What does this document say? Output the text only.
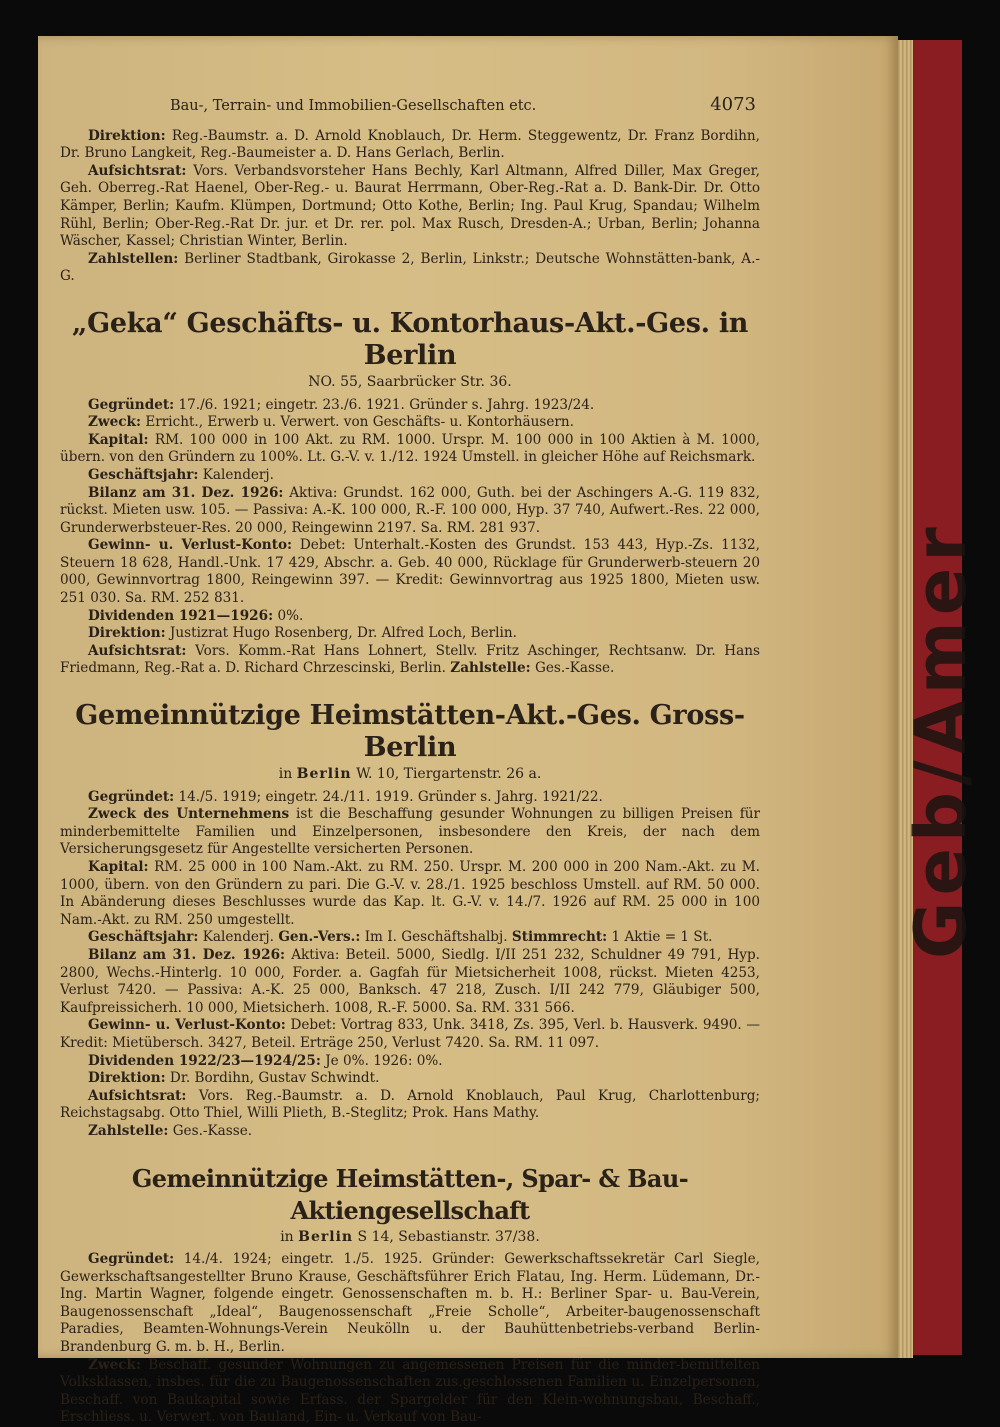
Geb/Amer
Bau-, Terrain- und Immobilien-Gesellschaften etc.	4073

Direktion: Reg.-Baumstr. a. D. Arnold Knoblauch, Dr. Herm. Steggewentz, Dr. Franz Bordihn, Dr. Bruno Langkeit, Reg.-Baumeister a. D. Hans Gerlach, Berlin.

Aufsichtsrat: Vors. Verbandsvorsteher Hans Bechly, Karl Altmann, Alfred Diller, Max Greger, Geh. Oberreg.-Rat Haenel, Ober-Reg.- u. Baurat Herrmann, Ober-Reg.-Rat a. D. Bank-Dir. Dr. Otto Kämper, Berlin; Kaufm. Klümpen, Dortmund; Otto Kothe, Berlin; Ing. Paul Krug, Spandau; Wilhelm Rühl, Berlin; Ober-Reg.-Rat Dr. jur. et Dr. rer. pol. Max Rusch, Dresden-A.; Urban, Berlin; Johanna Wäscher, Kassel; Christian Winter, Berlin.

Zahlstellen: Berliner Stadtbank, Girokasse 2, Berlin, Linkstr.; Deutsche Wohnstätten-bank, A.-G.

„Geka“ Geschäfts- u. Kontorhaus-Akt.-Ges. in Berlin
NO. 55, Saarbrücker Str. 36.

Gegründet: 17./6. 1921; eingetr. 23./6. 1921. Gründer s. Jahrg. 1923/24.

Zweck: Erricht., Erwerb u. Verwert. von Geschäfts- u. Kontorhäusern.

Kapital: RM. 100 000 in 100 Akt. zu RM. 1000. Urspr. M. 100 000 in 100 Aktien à M. 1000, übern. von den Gründern zu 100%. Lt. G.-V. v. 1./12. 1924 Umstell. in gleicher Höhe auf Reichsmark.

Geschäftsjahr: Kalenderj.

Bilanz am 31. Dez. 1926: Aktiva: Grundst. 162 000, Guth. bei der Aschingers A.-G. 119 832, rückst. Mieten usw. 105. — Passiva: A.-K. 100 000, R.-F. 100 000, Hyp. 37 740, Aufwert.-Res. 22 000, Grunderwerbsteuer-Res. 20 000, Reingewinn 2197. Sa. RM. 281 937.

Gewinn- u. Verlust-Konto: Debet: Unterhalt.-Kosten des Grundst. 153 443, Hyp.-Zs. 1132, Steuern 18 628, Handl.-Unk. 17 429, Abschr. a. Geb. 40 000, Rücklage für Grunderwerb-steuern 20 000, Gewinnvortrag 1800, Reingewinn 397. — Kredit: Gewinnvortrag aus 1925 1800, Mieten usw. 251 030. Sa. RM. 252 831.

Dividenden 1921—1926: 0%.

Direktion: Justizrat Hugo Rosenberg, Dr. Alfred Loch, Berlin.

Aufsichtsrat: Vors. Komm.-Rat Hans Lohnert, Stellv. Fritz Aschinger, Rechtsanw. Dr. Hans Friedmann, Reg.-Rat a. D. Richard Chrzescinski, Berlin. Zahlstelle: Ges.-Kasse.

Gemeinnützige Heimstätten-Akt.-Ges. Gross-Berlin
in Berlin W. 10, Tiergartenstr. 26 a.

Gegründet: 14./5. 1919; eingetr. 24./11. 1919. Gründer s. Jahrg. 1921/22.

Zweck des Unternehmens ist die Beschaffung gesunder Wohnungen zu billigen Preisen für minderbemittelte Familien und Einzelpersonen, insbesondere den Kreis, der nach dem Versicherungsgesetz für Angestellte versicherten Personen.

Kapital: RM. 25 000 in 100 Nam.-Akt. zu RM. 250. Urspr. M. 200 000 in 200 Nam.-Akt. zu M. 1000, übern. von den Gründern zu pari. Die G.-V. v. 28./1. 1925 beschloss Umstell. auf RM. 50 000. In Abänderung dieses Beschlusses wurde das Kap. lt. G.-V. v. 14./7. 1926 auf RM. 25 000 in 100 Nam.-Akt. zu RM. 250 umgestellt.

Geschäftsjahr: Kalenderj. Gen.-Vers.: Im I. Geschäftshalbj. Stimmrecht: 1 Aktie = 1 St.

Bilanz am 31. Dez. 1926: Aktiva: Beteil. 5000, Siedlg. I/II 251 232, Schuldner 49 791, Hyp. 2800, Wechs.-Hinterlg. 10 000, Forder. a. Gagfah für Mietsicherheit 1008, rückst. Mieten 4253, Verlust 7420. — Passiva: A.-K. 25 000, Banksch. 47 218, Zusch. I/II 242 779, Gläubiger 500, Kaufpreissicherh. 10 000, Mietsicherh. 1008, R.-F. 5000. Sa. RM. 331 566.

Gewinn- u. Verlust-Konto: Debet: Vortrag 833, Unk. 3418, Zs. 395, Verl. b. Hausverk. 9490. — Kredit: Mietübersch. 3427, Beteil. Erträge 250, Verlust 7420. Sa. RM. 11 097.

Dividenden 1922/23—1924/25: Je 0%. 1926: 0%.

Direktion: Dr. Bordihn, Gustav Schwindt.

Aufsichtsrat: Vors. Reg.-Baumstr. a. D. Arnold Knoblauch, Paul Krug, Charlottenburg; Reichstagsabg. Otto Thiel, Willi Plieth, B.-Steglitz; Prok. Hans Mathy.

Zahlstelle: Ges.-Kasse.

Gemeinnützige Heimstätten-, Spar- & Bau-Aktiengesellschaft
in Berlin S 14, Sebastianstr. 37/38.

Gegründet: 14./4. 1924; eingetr. 1./5. 1925. Gründer: Gewerkschaftssekretär Carl Siegle, Gewerkschaftsangestellter Bruno Krause, Geschäftsführer Erich Flatau, Ing. Herm. Lüdemann, Dr.-Ing. Martin Wagner, folgende eingetr. Genossenschaften m. b. H.: Berliner Spar- u. Bau-Verein, Baugenossenschaft „Ideal“, Baugenossenschaft „Freie Scholle“, Arbeiter-baugenossenschaft Paradies, Beamten-Wohnungs-Verein Neukölln u. der Bauhüttenbetriebs-verband Berlin-Brandenburg G. m. b. H., Berlin.

Zweck: Beschaff. gesunder Wohnungen zu angemessenen Preisen für die minder-bemittelten Volksklassen, insbes. für die zu Baugenossenschaften zus.geschlossenen Familien u. Einzelpersonen, Beschaff. von Baukapital sowie Erfass. der Spargelder für den Klein-wohnungsbau, Beschaff., Erschliess. u. Verwert. von Bauland, Ein- u. Verkauf von Bau-
